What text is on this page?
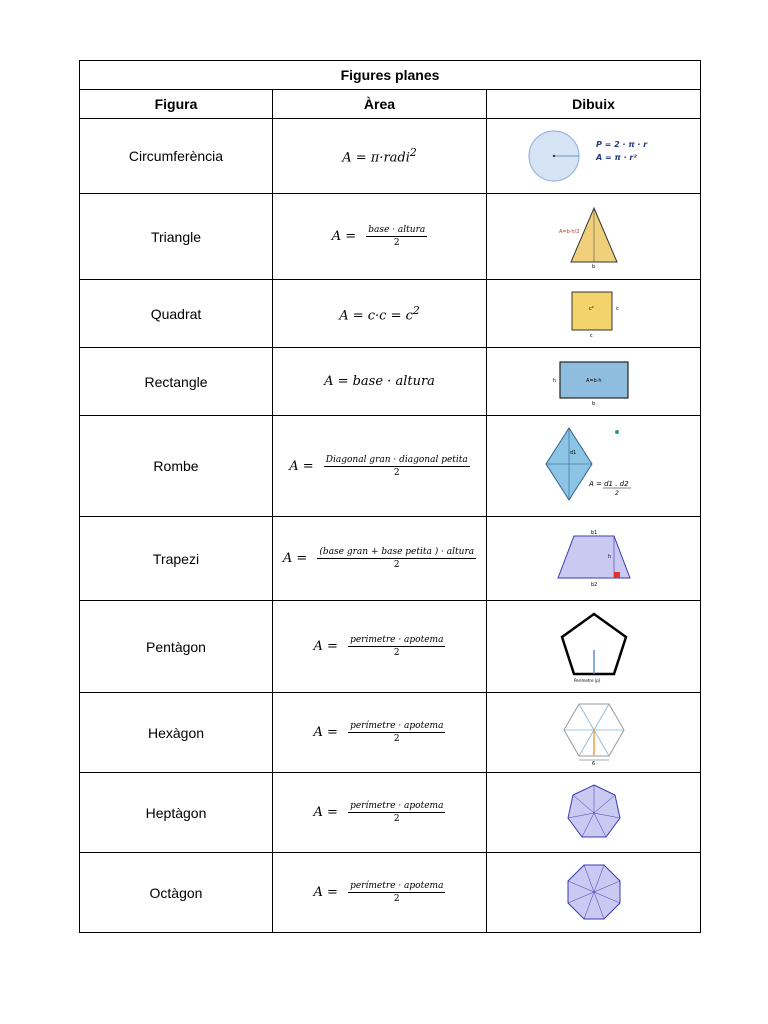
Figures planes		
Figura	Àrea	Dibuix
Circumferència	A = π·radi$^2$	P = 2 · π · r
A = π · r²

Triangle	$A = \frac{\text{base · altura}}{2}$	A=b·h/2
b

Quadrat	$A = c\cdot c = c^2$	c² c
c

Rectangle	A = base · altura	A=b·h
h
b

Rombe	$A = \frac{\text{Diagonal gran · diagonal petita}}{2}$	d1
A = d1 . d2
2

Trapezi	$A = \frac{\text{(base gran + base petita ) · altura}}{2}$	b1
h
b2

Pentàgon	$A = \frac{\text{perimetre · apotema}}{2}$	Perímetre (p)

Hexàgon	$A = \frac{\text{perímetre · apotema}}{2}$	6

Heptàgon	$A = \frac{\text{perímetre · apotema}}{2}$

Octàgon	$A = \frac{\text{perímetre · apotema}}{2}$
